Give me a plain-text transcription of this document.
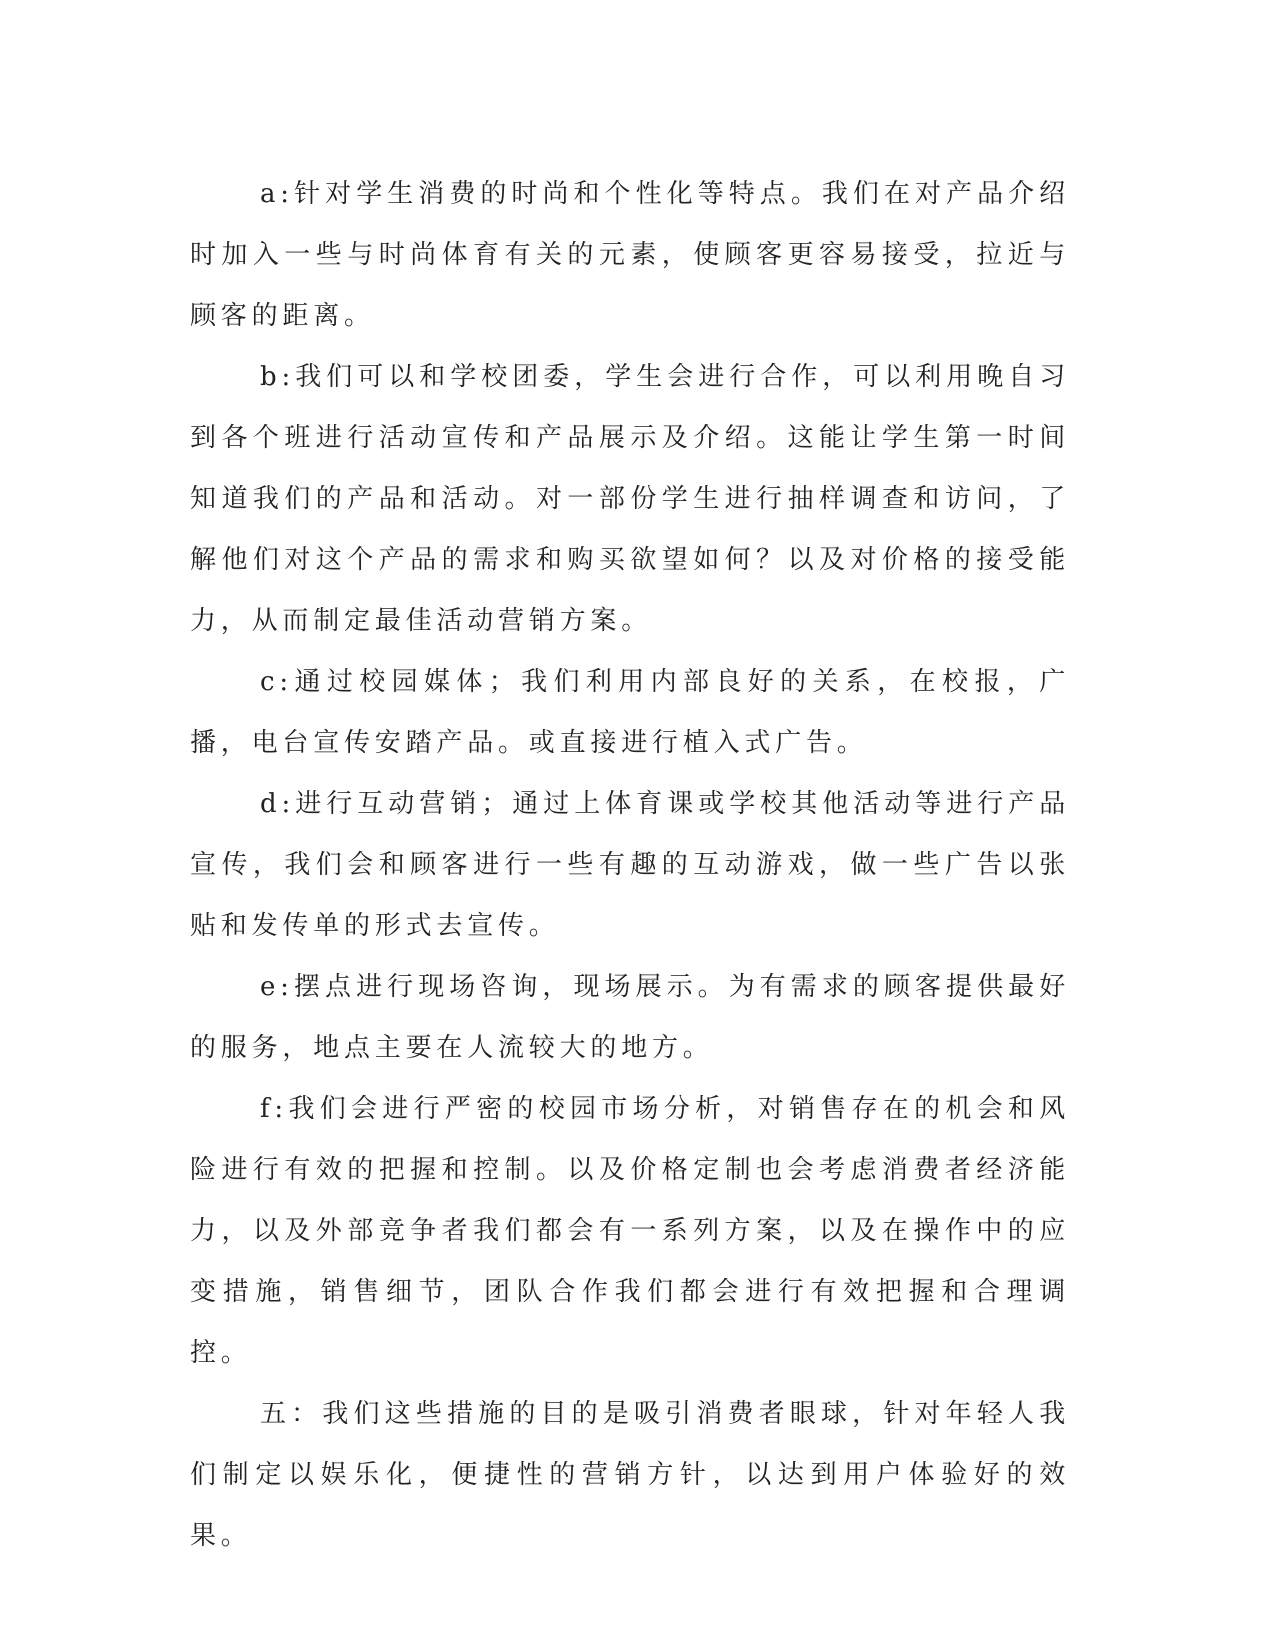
a:针对学生消费的时尚和个性化等特点。我们在对产品介绍时加入一些与时尚体育有关的元素，使顾客更容易接受，拉近与顾客的距离。

b:我们可以和学校团委，学生会进行合作，可以利用晚自习到各个班进行活动宣传和产品展示及介绍。这能让学生第一时间知道我们的产品和活动。对一部份学生进行抽样调查和访问，了解他们对这个产品的需求和购买欲望如何？以及对价格的接受能力，从而制定最佳活动营销方案。

c:通过校园媒体；我们利用内部良好的关系，在校报，广播，电台宣传安踏产品。或直接进行植入式广告。

d:进行互动营销；通过上体育课或学校其他活动等进行产品宣传，我们会和顾客进行一些有趣的互动游戏，做一些广告以张贴和发传单的形式去宣传。

e:摆点进行现场咨询，现场展示。为有需求的顾客提供最好的服务，地点主要在人流较大的地方。

f:我们会进行严密的校园市场分析，对销售存在的机会和风险进行有效的把握和控制。以及价格定制也会考虑消费者经济能力，以及外部竞争者我们都会有一系列方案，以及在操作中的应变措施，销售细节，团队合作我们都会进行有效把握和合理调控。

五：我们这些措施的目的是吸引消费者眼球，针对年轻人我们制定以娱乐化，便捷性的营销方针，以达到用户体验好的效果。
